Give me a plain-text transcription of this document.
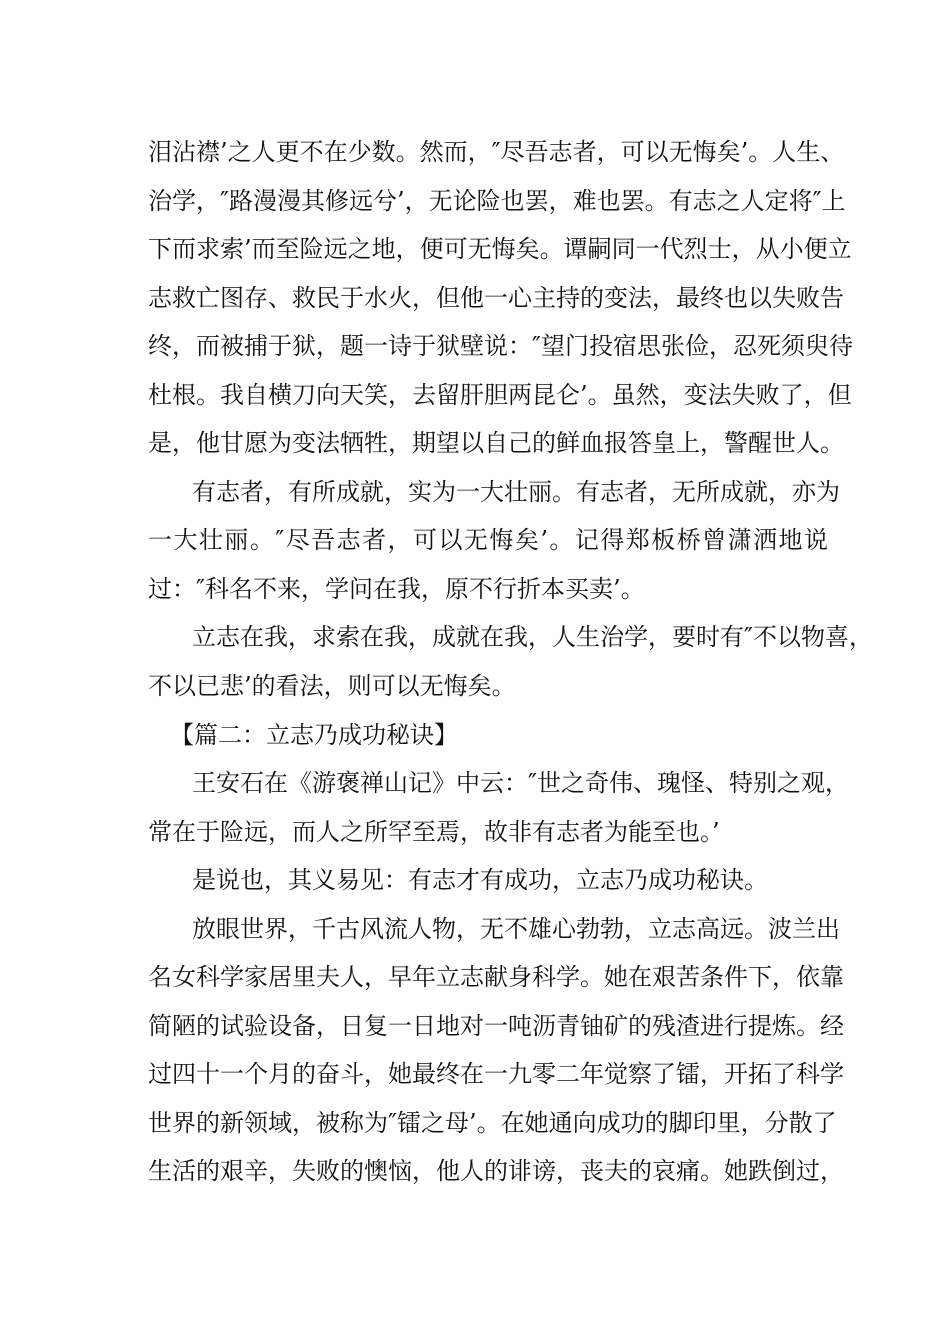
泪沾襟’之人更不在少数。然而，″尽吾志者，可以无悔矣’。人生、
治学，″路漫漫其修远兮’，无论险也罢，难也罢。有志之人定将″上
下而求索’而至险远之地，便可无悔矣。谭嗣同一代烈士，从小便立
志救亡图存、救民于水火，但他一心主持的变法，最终也以失败告
终，而被捕于狱，题一诗于狱壁说：″望门投宿思张俭，忍死须臾待
杜根。我自横刀向天笑，去留肝胆两昆仑’。虽然，变法失败了，但
是，他甘愿为变法牺牲，期望以自己的鲜血报答皇上，警醒世人。
有志者，有所成就，实为一大壮丽。有志者，无所成就，亦为
一大壮丽。″尽吾志者，可以无悔矣’。记得郑板桥曾潇洒地说
过：″科名不来，学问在我，原不行折本买卖’。
立志在我，求索在我，成就在我，人生治学，要时有″不以物喜，
不以已悲’的看法，则可以无悔矣。
【篇二：立志乃成功秘诀】
王安石在《游褒禅山记》中云：″世之奇伟、瑰怪、特别之观，
常在于险远，而人之所罕至焉，故非有志者为能至也。’
是说也，其义易见：有志才有成功，立志乃成功秘诀。
放眼世界，千古风流人物，无不雄心勃勃，立志高远。波兰出
名女科学家居里夫人，早年立志献身科学。她在艰苦条件下，依靠
简陋的试验设备，日复一日地对一吨沥青铀矿的残渣进行提炼。经
过四十一个月的奋斗，她最终在一九零二年觉察了镭，开拓了科学
世界的新领域，被称为″镭之母’。在她通向成功的脚印里，分散了
生活的艰辛，失败的懊恼，他人的诽谤，丧夫的哀痛。她跌倒过，
